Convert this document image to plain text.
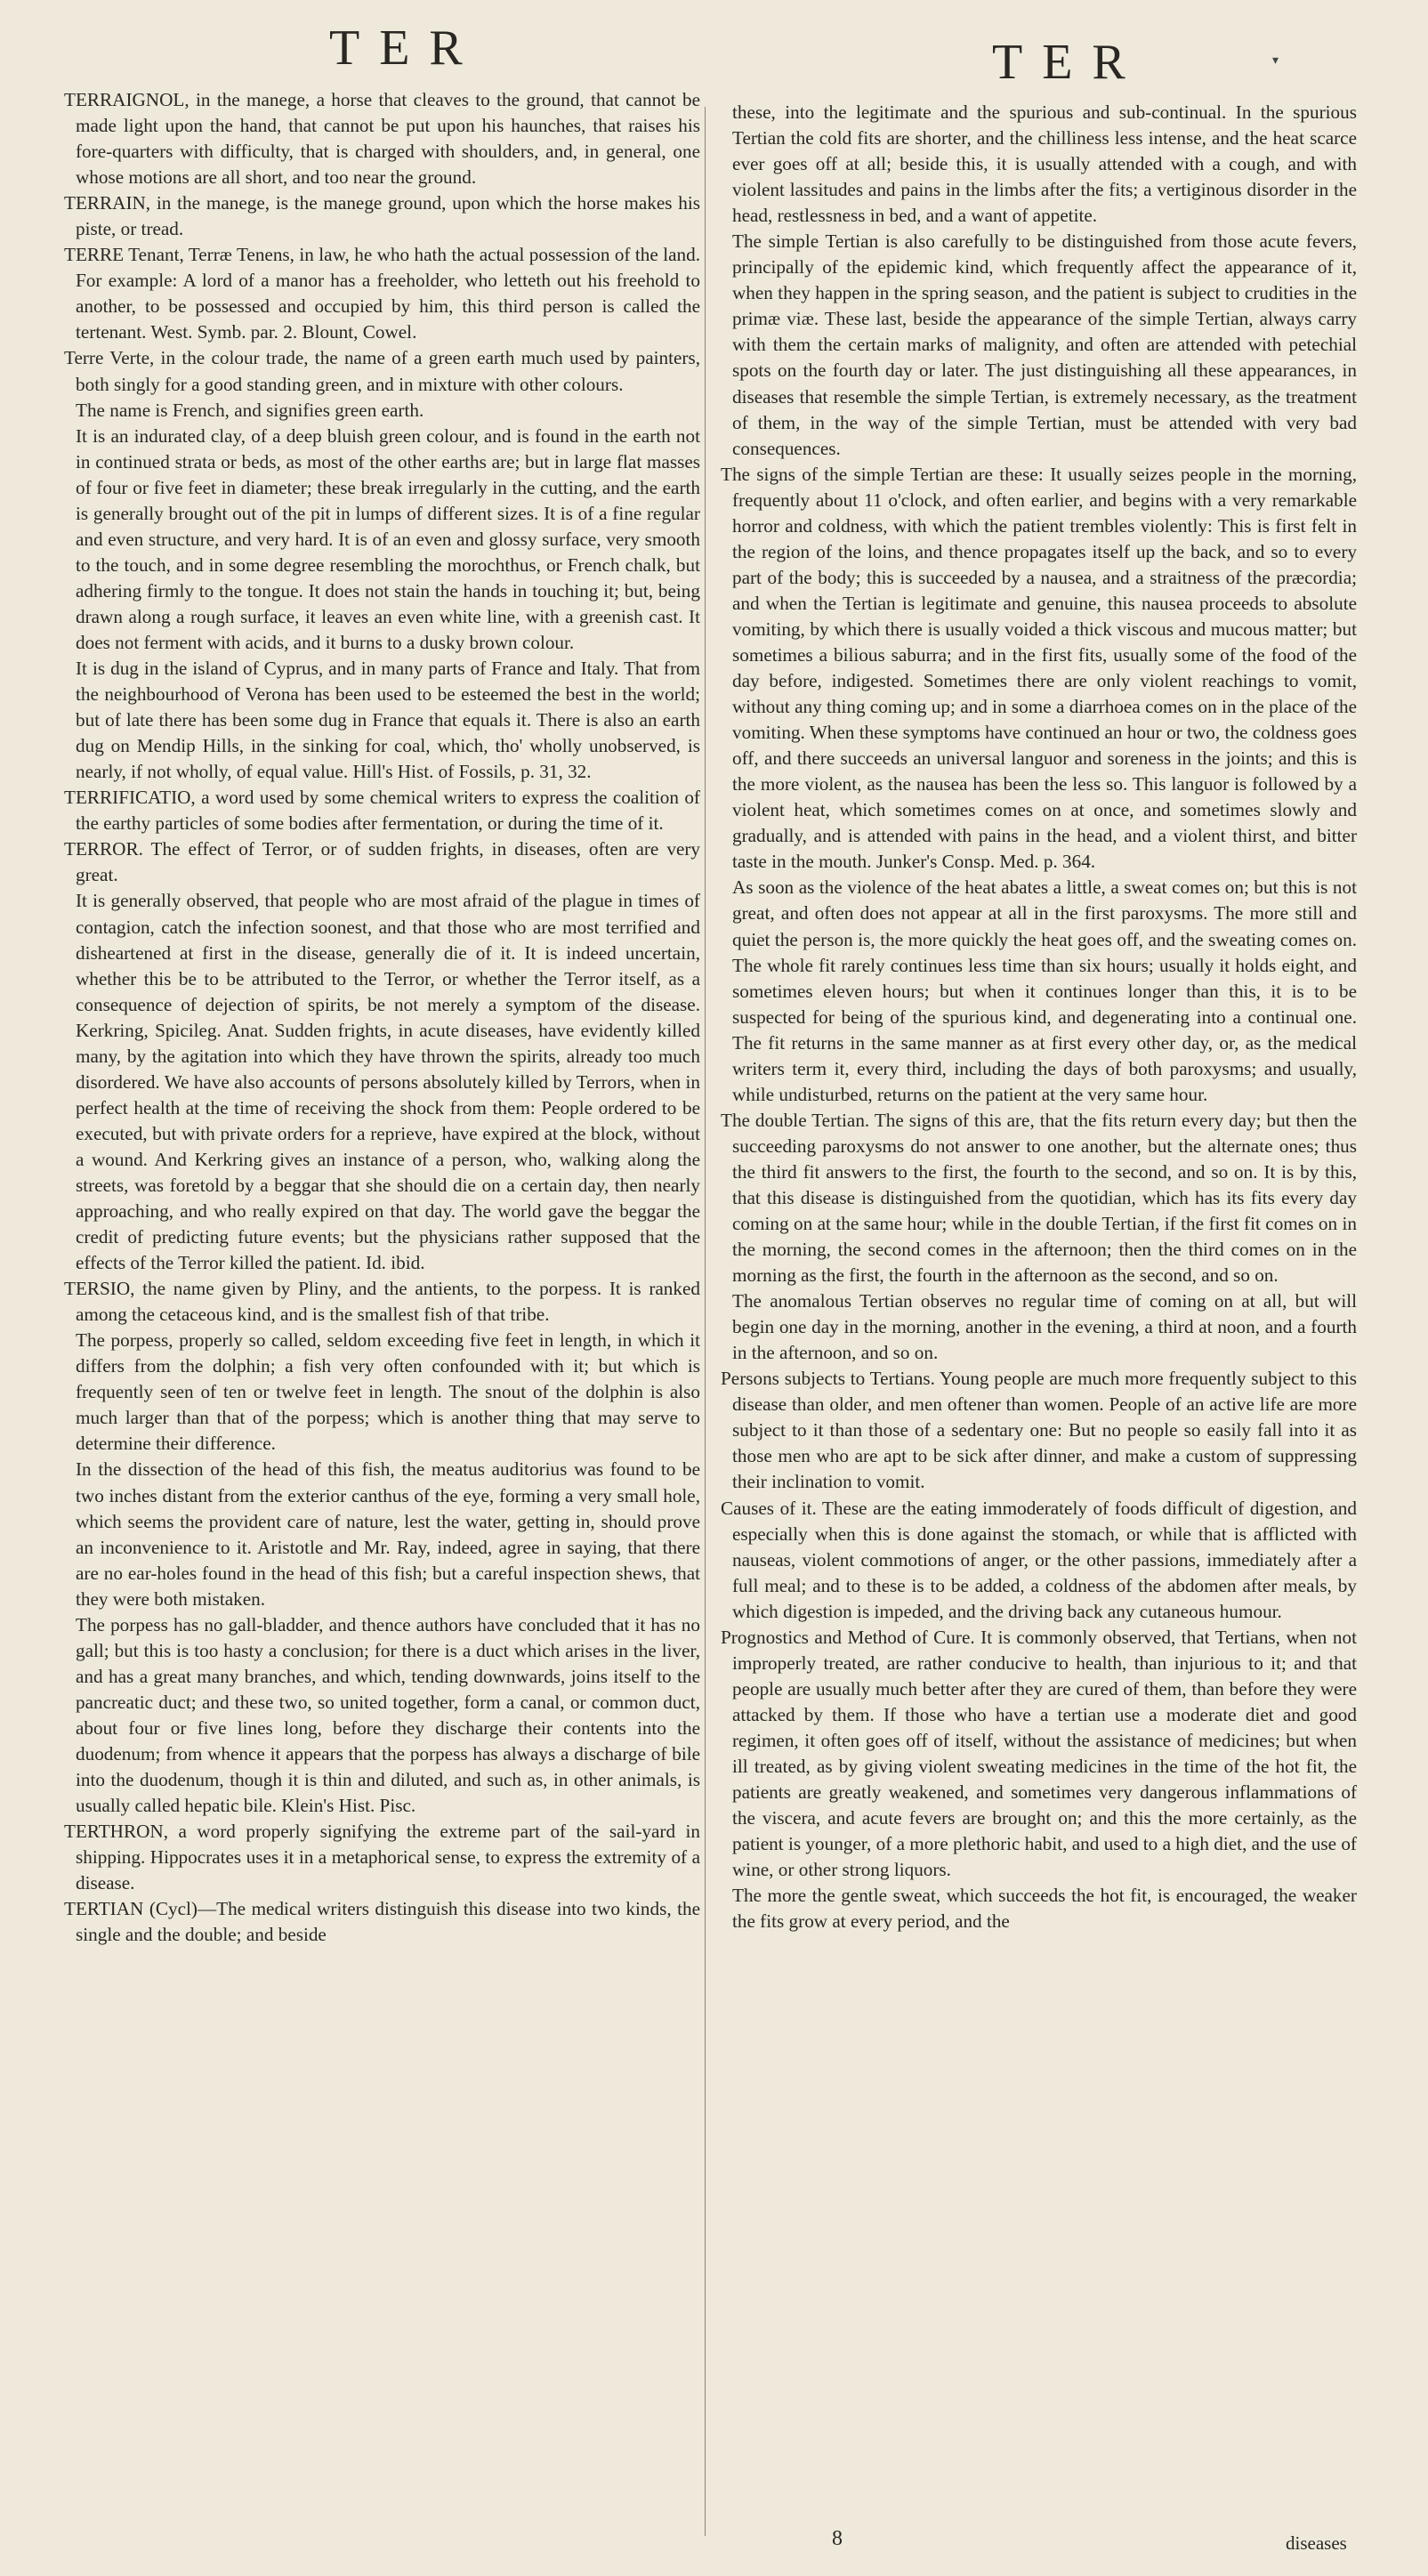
TER	TER	▾

TERRAIGNOL, in the manege, a horse that cleaves to the ground, that cannot be made light upon the hand, that cannot be put upon his haunches, that raises his fore-quarters with difficulty, that is charged with shoulders, and, in general, one whose motions are all short, and too near the ground.

TERRAIN, in the manege, is the manege ground, upon which the horse makes his piste, or tread.

TERRE Tenant, Terræ Tenens, in law, he who hath the actual possession of the land. For example: A lord of a manor has a freeholder, who letteth out his freehold to another, to be possessed and occupied by him, this third person is called the tertenant. West. Symb. par. 2. Blount, Cowel.

Terre Verte, in the colour trade, the name of a green earth much used by painters, both singly for a good standing green, and in mixture with other colours.

The name is French, and signifies green earth.

It is an indurated clay, of a deep bluish green colour, and is found in the earth not in continued strata or beds, as most of the other earths are; but in large flat masses of four or five feet in diameter; these break irregularly in the cutting, and the earth is generally brought out of the pit in lumps of different sizes. It is of a fine regular and even structure, and very hard. It is of an even and glossy surface, very smooth to the touch, and in some degree resembling the morochthus, or French chalk, but adhering firmly to the tongue. It does not stain the hands in touching it; but, being drawn along a rough surface, it leaves an even white line, with a greenish cast. It does not ferment with acids, and it burns to a dusky brown colour.

It is dug in the island of Cyprus, and in many parts of France and Italy. That from the neighbourhood of Verona has been used to be esteemed the best in the world; but of late there has been some dug in France that equals it. There is also an earth dug on Mendip Hills, in the sinking for coal, which, tho' wholly unobserved, is nearly, if not wholly, of equal value. Hill's Hist. of Fossils, p. 31, 32.

TERRIFICATIO, a word used by some chemical writers to express the coalition of the earthy particles of some bodies after fermentation, or during the time of it.

TERROR. The effect of Terror, or of sudden frights, in diseases, often are very great.

It is generally observed, that people who are most afraid of the plague in times of contagion, catch the infection soonest, and that those who are most terrified and disheartened at first in the disease, generally die of it. It is indeed uncertain, whether this be to be attributed to the Terror, or whether the Terror itself, as a consequence of dejection of spirits, be not merely a symptom of the disease. Kerkring, Spicileg. Anat. Sudden frights, in acute diseases, have evidently killed many, by the agitation into which they have thrown the spirits, already too much disordered. We have also accounts of persons absolutely killed by Terrors, when in perfect health at the time of receiving the shock from them: People ordered to be executed, but with private orders for a reprieve, have expired at the block, without a wound. And Kerkring gives an instance of a person, who, walking along the streets, was foretold by a beggar that she should die on a certain day, then nearly approaching, and who really expired on that day. The world gave the beggar the credit of predicting future events; but the physicians rather supposed that the effects of the Terror killed the patient. Id. ibid.

TERSIO, the name given by Pliny, and the antients, to the porpess. It is ranked among the cetaceous kind, and is the smallest fish of that tribe.

The porpess, properly so called, seldom exceeding five feet in length, in which it differs from the dolphin; a fish very often confounded with it; but which is frequently seen of ten or twelve feet in length. The snout of the dolphin is also much larger than that of the porpess; which is another thing that may serve to determine their difference.

In the dissection of the head of this fish, the meatus auditorius was found to be two inches distant from the exterior canthus of the eye, forming a very small hole, which seems the provident care of nature, lest the water, getting in, should prove an inconvenience to it. Aristotle and Mr. Ray, indeed, agree in saying, that there are no ear-holes found in the head of this fish; but a careful inspection shews, that they were both mistaken.

The porpess has no gall-bladder, and thence authors have concluded that it has no gall; but this is too hasty a conclusion; for there is a duct which arises in the liver, and has a great many branches, and which, tending downwards, joins itself to the pancreatic duct; and these two, so united together, form a canal, or common duct, about four or five lines long, before they discharge their contents into the duodenum; from whence it appears that the porpess has always a discharge of bile into the duodenum, though it is thin and diluted, and such as, in other animals, is usually called hepatic bile. Klein's Hist. Pisc.

TERTHRON, a word properly signifying the extreme part of the sail-yard in shipping. Hippocrates uses it in a metaphorical sense, to express the extremity of a disease.

TERTIAN (Cycl)—The medical writers distinguish this disease into two kinds, the single and the double; and beside

these, into the legitimate and the spurious and sub-continual. In the spurious Tertian the cold fits are shorter, and the chilliness less intense, and the heat scarce ever goes off at all; beside this, it is usually attended with a cough, and with violent lassitudes and pains in the limbs after the fits; a vertiginous disorder in the head, restlessness in bed, and a want of appetite.

The simple Tertian is also carefully to be distinguished from those acute fevers, principally of the epidemic kind, which frequently affect the appearance of it, when they happen in the spring season, and the patient is subject to crudities in the primæ viæ. These last, beside the appearance of the simple Tertian, always carry with them the certain marks of malignity, and often are attended with petechial spots on the fourth day or later. The just distinguishing all these appearances, in diseases that resemble the simple Tertian, is extremely necessary, as the treatment of them, in the way of the simple Tertian, must be attended with very bad consequences.

The signs of the simple Tertian are these: It usually seizes people in the morning, frequently about 11 o'clock, and often earlier, and begins with a very remarkable horror and coldness, with which the patient trembles violently: This is first felt in the region of the loins, and thence propagates itself up the back, and so to every part of the body; this is succeeded by a nausea, and a straitness of the præcordia; and when the Tertian is legitimate and genuine, this nausea proceeds to absolute vomiting, by which there is usually voided a thick viscous and mucous matter; but sometimes a bilious saburra; and in the first fits, usually some of the food of the day before, indigested. Sometimes there are only violent reachings to vomit, without any thing coming up; and in some a diarrhoea comes on in the place of the vomiting. When these symptoms have continued an hour or two, the coldness goes off, and there succeeds an universal languor and soreness in the joints; and this is the more violent, as the nausea has been the less so. This languor is followed by a violent heat, which sometimes comes on at once, and sometimes slowly and gradually, and is attended with pains in the head, and a violent thirst, and bitter taste in the mouth. Junker's Consp. Med. p. 364.

As soon as the violence of the heat abates a little, a sweat comes on; but this is not great, and often does not appear at all in the first paroxysms. The more still and quiet the person is, the more quickly the heat goes off, and the sweating comes on. The whole fit rarely continues less time than six hours; usually it holds eight, and sometimes eleven hours; but when it continues longer than this, it is to be suspected for being of the spurious kind, and degenerating into a continual one. The fit returns in the same manner as at first every other day, or, as the medical writers term it, every third, including the days of both paroxysms; and usually, while undisturbed, returns on the patient at the very same hour.

The double Tertian. The signs of this are, that the fits return every day; but then the succeeding paroxysms do not answer to one another, but the alternate ones; thus the third fit answers to the first, the fourth to the second, and so on. It is by this, that this disease is distinguished from the quotidian, which has its fits every day coming on at the same hour; while in the double Tertian, if the first fit comes on in the morning, the second comes in the afternoon; then the third comes on in the morning as the first, the fourth in the afternoon as the second, and so on.

The anomalous Tertian observes no regular time of coming on at all, but will begin one day in the morning, another in the evening, a third at noon, and a fourth in the afternoon, and so on.

Persons subjects to Tertians. Young people are much more frequently subject to this disease than older, and men oftener than women. People of an active life are more subject to it than those of a sedentary one: But no people so easily fall into it as those men who are apt to be sick after dinner, and make a custom of suppressing their inclination to vomit.

Causes of it. These are the eating immoderately of foods difficult of digestion, and especially when this is done against the stomach, or while that is afflicted with nauseas, violent commotions of anger, or the other passions, immediately after a full meal; and to these is to be added, a coldness of the abdomen after meals, by which digestion is impeded, and the driving back any cutaneous humour.

Prognostics and Method of Cure. It is commonly observed, that Tertians, when not improperly treated, are rather conducive to health, than injurious to it; and that people are usually much better after they are cured of them, than before they were attacked by them. If those who have a tertian use a moderate diet and good regimen, it often goes off of itself, without the assistance of medicines; but when ill treated, as by giving violent sweating medicines in the time of the hot fit, the patients are greatly weakened, and sometimes very dangerous inflammations of the viscera, and acute fevers are brought on; and this the more certainly, as the patient is younger, of a more plethoric habit, and used to a high diet, and the use of wine, or other strong liquors.

The more the gentle sweat, which succeeds the hot fit, is encouraged, the weaker the fits grow at every period, and the

8	diseases
